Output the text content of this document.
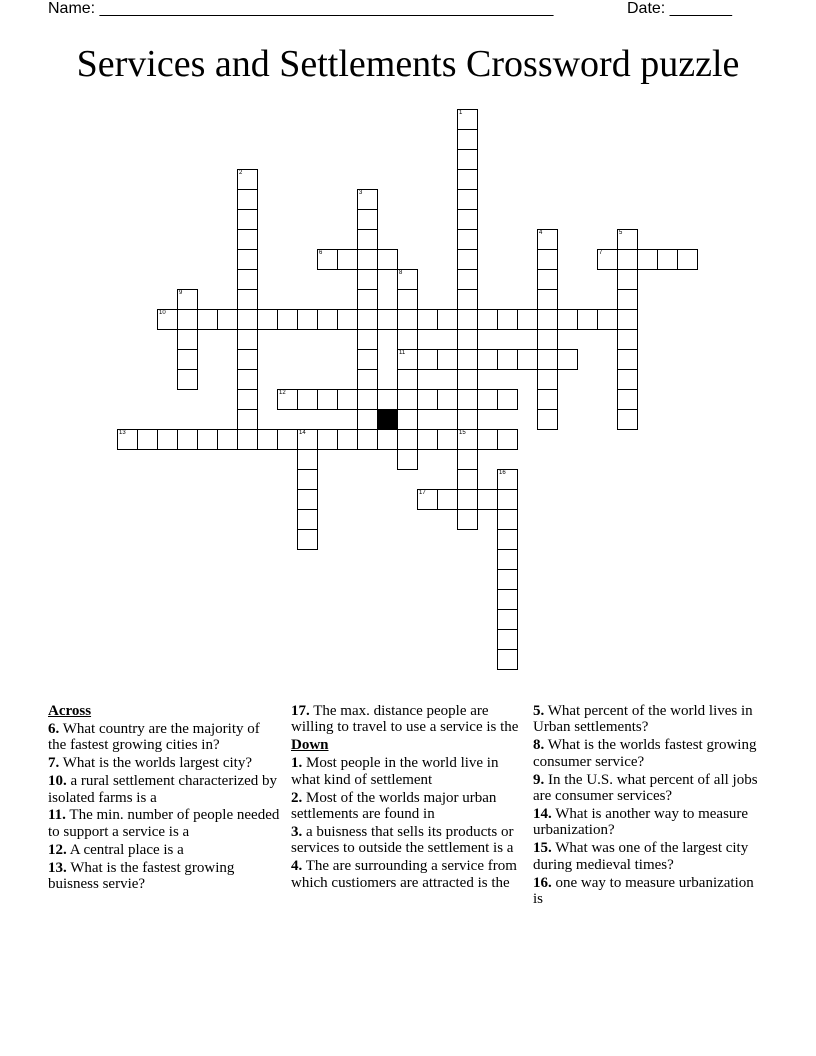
Name: ___________________________________________________	Date: _______
Services and Settlements Crossword puzzle
1
15
2
3
4	5
6	7
8
11
9
10
12
13	14
16
17
Across
6. What country are the majority of the fastest growing cities in?
7. What is the worlds largest city?
10. a rural settlement characterized by isolated farms is a
11. The min. number of people needed to support a service is a
12. A central place is a
13. What is the fastest growing buisness servie?
17. The max. distance people are willing to travel to use a service is the
Down
1. Most people in the world live in what kind of settlement
2. Most of the worlds major urban settlements are found in
3. a buisness that sells its products or services to outside the settlement is a
4. The are surrounding a service from which custiomers are attracted is the
5. What percent of the world lives in Urban settlements?
8. What is the worlds fastest growing consumer service?
9. In the U.S. what percent of all jobs are consumer services?
14. What is another way to measure urbanization?
15. What was one of the largest city during medieval times?
16. one way to measure urbanization is
